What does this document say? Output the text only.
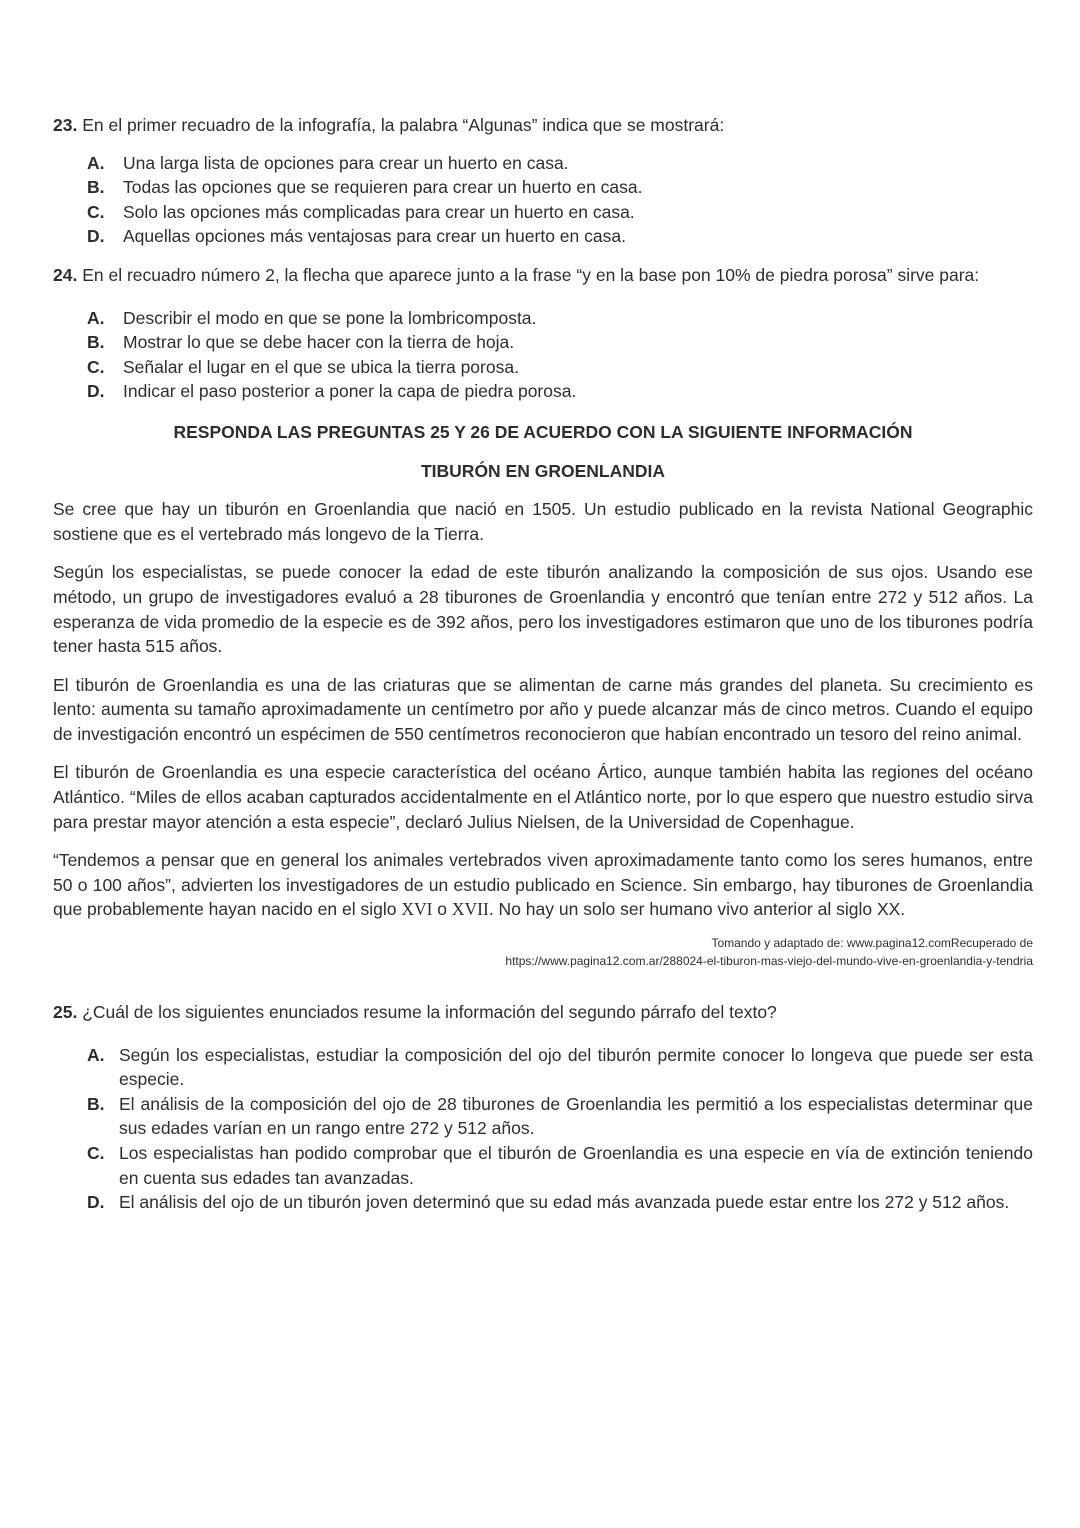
23. En el primer recuadro de la infografía, la palabra “Algunas” indica que se mostrará:

A.	Una larga lista de opciones para crear un huerto en casa.
B.	Todas las opciones que se requieren para crear un huerto en casa.
C.	Solo las opciones más complicadas para crear un huerto en casa.
D.	Aquellas opciones más ventajosas para crear un huerto en casa.

24. En el recuadro número 2, la flecha que aparece junto a la frase “y en la base pon 10% de piedra porosa” sirve para:

A.	Describir el modo en que se pone la lombricomposta.
B.	Mostrar lo que se debe hacer con la tierra de hoja.
C.	Señalar el lugar en el que se ubica la tierra porosa.
D.	Indicar el paso posterior a poner la capa de piedra porosa.
RESPONDA LAS PREGUNTAS 25 Y 26 DE ACUERDO CON LA SIGUIENTE INFORMACIÓN
TIBURÓN EN GROENLANDIA

Se cree que hay un tiburón en Groenlandia que nació en 1505. Un estudio publicado en la revista National Geographic sostiene que es el vertebrado más longevo de la Tierra.

Según los especialistas, se puede conocer la edad de este tiburón analizando la composición de sus ojos. Usando ese método, un grupo de investigadores evaluó a 28 tiburones de Groenlandia y encontró que tenían entre 272 y 512 años. La esperanza de vida promedio de la especie es de 392 años, pero los investigadores estimaron que uno de los tiburones podría tener hasta 515 años.

El tiburón de Groenlandia es una de las criaturas que se alimentan de carne más grandes del planeta. Su crecimiento es lento: aumenta su tamaño aproximadamente un centímetro por año y puede alcanzar más de cinco metros. Cuando el equipo de investigación encontró un espécimen de 550 centímetros reconocieron que habían encontrado un tesoro del reino animal.

El tiburón de Groenlandia es una especie característica del océano Ártico, aunque también habita las regiones del océano Atlántico. “Miles de ellos acaban capturados accidentalmente en el Atlántico norte, por lo que espero que nuestro estudio sirva para prestar mayor atención a esta especie”, declaró Julius Nielsen, de la Universidad de Copenhague.

“Tendemos a pensar que en general los animales vertebrados viven aproximadamente tanto como los seres humanos, entre 50 o 100 años”, advierten los investigadores de un estudio publicado en Science. Sin embargo, hay tiburones de Groenlandia que probablemente hayan nacido en el siglo XVI o XVII. No hay un solo ser humano vivo anterior al siglo XX.

Tomando y adaptado de: www.pagina12.comRecuperado de
https://www.pagina12.com.ar/288024-el-tiburon-mas-viejo-del-mundo-vive-en-groenlandia-y-tendria

25. ¿Cuál de los siguientes enunciados resume la información del segundo párrafo del texto?

A. Según los especialistas, estudiar la composición del ojo del tiburón permite conocer lo longeva que puede ser esta especie.
B. El análisis de la composición del ojo de 28 tiburones de Groenlandia les permitió a los especialistas determinar que sus edades varían en un rango entre 272 y 512 años.
C. Los especialistas han podido comprobar que el tiburón de Groenlandia es una especie en vía de extinción teniendo en cuenta sus edades tan avanzadas.
D. El análisis del ojo de un tiburón joven determinó que su edad más avanzada puede estar entre los 272 y 512 años.
